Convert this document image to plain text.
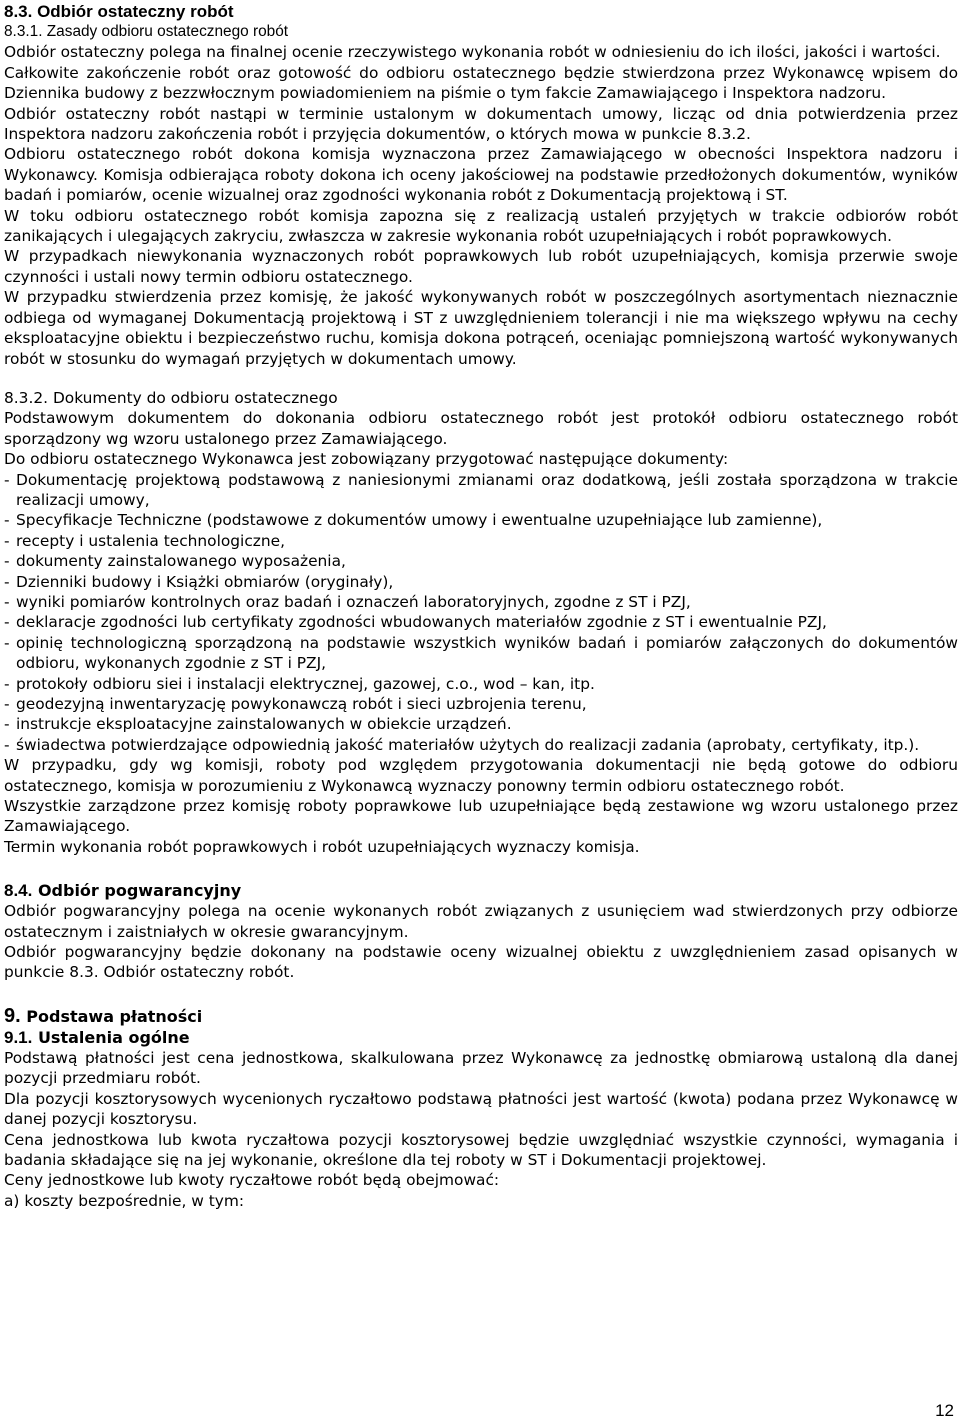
8.3. Odbiór ostateczny robót

8.3.1. Zasady odbioru ostatecznego robót

Odbiór ostateczny polega na finalnej ocenie rzeczywistego wykonania robót w odniesieniu do ich ilości, jakości i wartości.

Całkowite zakończenie robót oraz gotowość do odbioru ostatecznego będzie stwierdzona przez Wykonawcę wpisem do Dziennika budowy z bezzwłocznym powiadomieniem na piśmie o tym fakcie Zamawiającego i Inspektora nadzoru.

Odbiór ostateczny robót nastąpi w terminie ustalonym w dokumentach umowy, licząc od dnia potwierdzenia przez Inspektora nadzoru zakończenia robót i przyjęcia dokumentów, o których mowa w punkcie 8.3.2.

Odbioru ostatecznego robót dokona komisja wyznaczona przez Zamawiającego w obecności Inspektora nadzoru i Wykonawcy. Komisja odbierająca roboty dokona ich oceny jakościowej na podstawie przedłożonych dokumentów, wyników badań i pomiarów, ocenie wizualnej oraz zgodności wykonania robót z Dokumentacją projektową i ST.

W toku odbioru ostatecznego robót komisja zapozna się z realizacją ustaleń przyjętych w trakcie odbiorów robót zanikających i ulegających zakryciu, zwłaszcza w zakresie wykonania robót uzupełniających i robót poprawkowych.

W przypadkach niewykonania wyznaczonych robót poprawkowych lub robót uzupełniających, komisja przerwie swoje czynności i ustali nowy termin odbioru ostatecznego.

W przypadku stwierdzenia przez komisję, że jakość wykonywanych robót w poszczególnych asortymentach nieznacznie odbiega od wymaganej Dokumentacją projektową i ST z uwzględnieniem tolerancji i nie ma większego wpływu na cechy eksploatacyjne obiektu i bezpieczeństwo ruchu, komisja dokona potrąceń, oceniając pomniejszoną wartość wykonywanych robót w stosunku do wymagań przyjętych w dokumentach umowy.

8.3.2. Dokumenty do odbioru ostatecznego

Podstawowym dokumentem do dokonania odbioru ostatecznego robót jest protokół odbioru ostatecznego robót sporządzony wg wzoru ustalonego przez Zamawiającego.

Do odbioru ostatecznego Wykonawca jest zobowiązany przygotować następujące dokumenty:

- Dokumentację projektową podstawową z naniesionymi zmianami oraz dodatkową, jeśli została sporządzona w trakcie realizacji umowy,
- Specyfikacje Techniczne (podstawowe z dokumentów umowy i ewentualne uzupełniające lub zamienne),
- recepty i ustalenia technologiczne,
- dokumenty zainstalowanego wyposażenia,
- Dzienniki budowy i Książki obmiarów (oryginały),
- wyniki pomiarów kontrolnych oraz badań i oznaczeń laboratoryjnych, zgodne z ST i PZJ,
- deklaracje zgodności lub certyfikaty zgodności wbudowanych materiałów zgodnie z ST i ewentualnie PZJ,
- opinię technologiczną sporządzoną na podstawie wszystkich wyników badań i pomiarów załączonych do dokumentów odbioru, wykonanych zgodnie z ST i PZJ,
- protokoły odbioru siei i instalacji elektrycznej, gazowej, c.o., wod – kan, itp.
- geodezyjną inwentaryzację powykonawczą robót i sieci uzbrojenia terenu,
- instrukcje eksploatacyjne zainstalowanych w obiekcie urządzeń.
- świadectwa potwierdzające odpowiednią jakość materiałów użytych do realizacji zadania (aprobaty, certyfikaty, itp.).

W przypadku, gdy wg komisji, roboty pod względem przygotowania dokumentacji nie będą gotowe do odbioru ostatecznego, komisja w porozumieniu z Wykonawcą wyznaczy ponowny termin odbioru ostatecznego robót.

Wszystkie zarządzone przez komisję roboty poprawkowe lub uzupełniające będą zestawione wg wzoru ustalonego przez Zamawiającego.

Termin wykonania robót poprawkowych i robót uzupełniających wyznaczy komisja.

8.4. Odbiór pogwarancyjny

Odbiór pogwarancyjny polega na ocenie wykonanych robót związanych z usunięciem wad stwierdzonych przy odbiorze ostatecznym i zaistniałych w okresie gwarancyjnym.

Odbiór pogwarancyjny będzie dokonany na podstawie oceny wizualnej obiektu z uwzględnieniem zasad opisanych w punkcie 8.3. Odbiór ostateczny robót.

9. Podstawa płatności

9.1. Ustalenia ogólne

Podstawą płatności jest cena jednostkowa, skalkulowana przez Wykonawcę za jednostkę obmiarową ustaloną dla danej pozycji przedmiaru robót.

Dla pozycji kosztorysowych wycenionych ryczałtowo podstawą płatności jest wartość (kwota) podana przez Wykonawcę w danej pozycji kosztorysu.

Cena jednostkowa lub kwota ryczałtowa pozycji kosztorysowej będzie uwzględniać wszystkie czynności, wymagania i badania składające się na jej wykonanie, określone dla tej roboty w ST i Dokumentacji projektowej.

Ceny jednostkowe lub kwoty ryczałtowe robót będą obejmować:

a) koszty bezpośrednie, w tym:

12
